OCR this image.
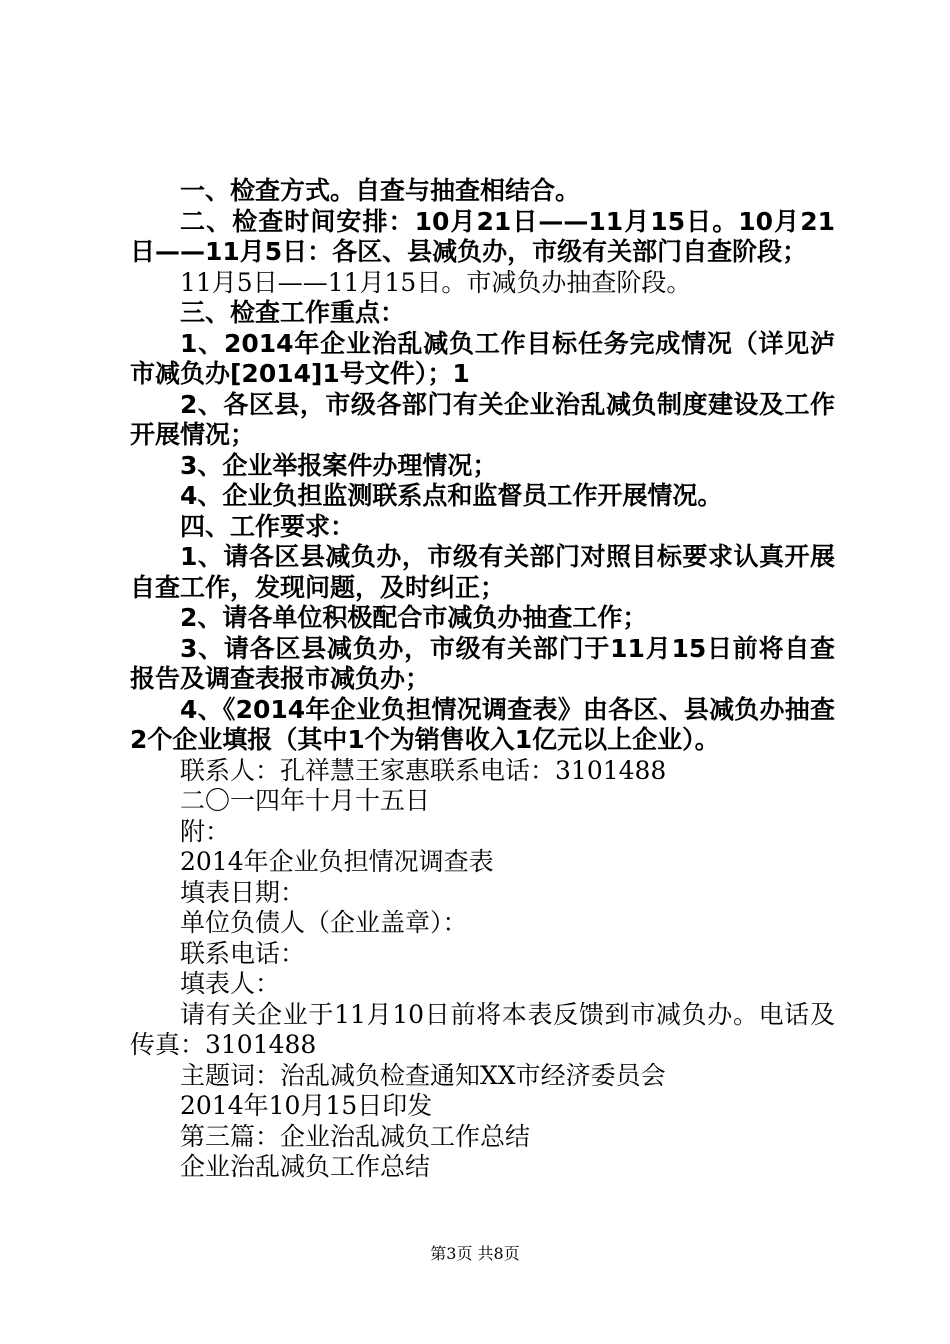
一、检查方式。自查与抽查相结合。

二、检查时间安排：10月21日——11月15日。10月21日——11月5日：各区、县减负办，市级有关部门自查阶段；

11月5日——11月15日。市减负办抽查阶段。

三、检查工作重点：

1、2014年企业治乱减负工作目标任务完成情况（详见泸市减负办[2014]1号文件）；1

2、各区县，市级各部门有关企业治乱减负制度建设及工作开展情况；

3、企业举报案件办理情况；

4、企业负担监测联系点和监督员工作开展情况。

四、工作要求：

1、请各区县减负办，市级有关部门对照目标要求认真开展自查工作，发现问题，及时纠正；

2、请各单位积极配合市减负办抽查工作；

3、请各区县减负办，市级有关部门于11月15日前将自查报告及调查表报市减负办；

4、《2014年企业负担情况调查表》由各区、县减负办抽查2个企业填报（其中1个为销售收入1亿元以上企业）。

联系人：孔祥慧王家惠联系电话：3101488

二〇一四年十月十五日

附：

2014年企业负担情况调查表

填表日期：

单位负债人（企业盖章）：

联系电话：

填表人：

请有关企业于11月10日前将本表反馈到市减负办。电话及传真：3101488

主题词：治乱减负检查通知XX市经济委员会

2014年10月15日印发

第三篇：企业治乱减负工作总结

企业治乱减负工作总结

第3页 共8页
